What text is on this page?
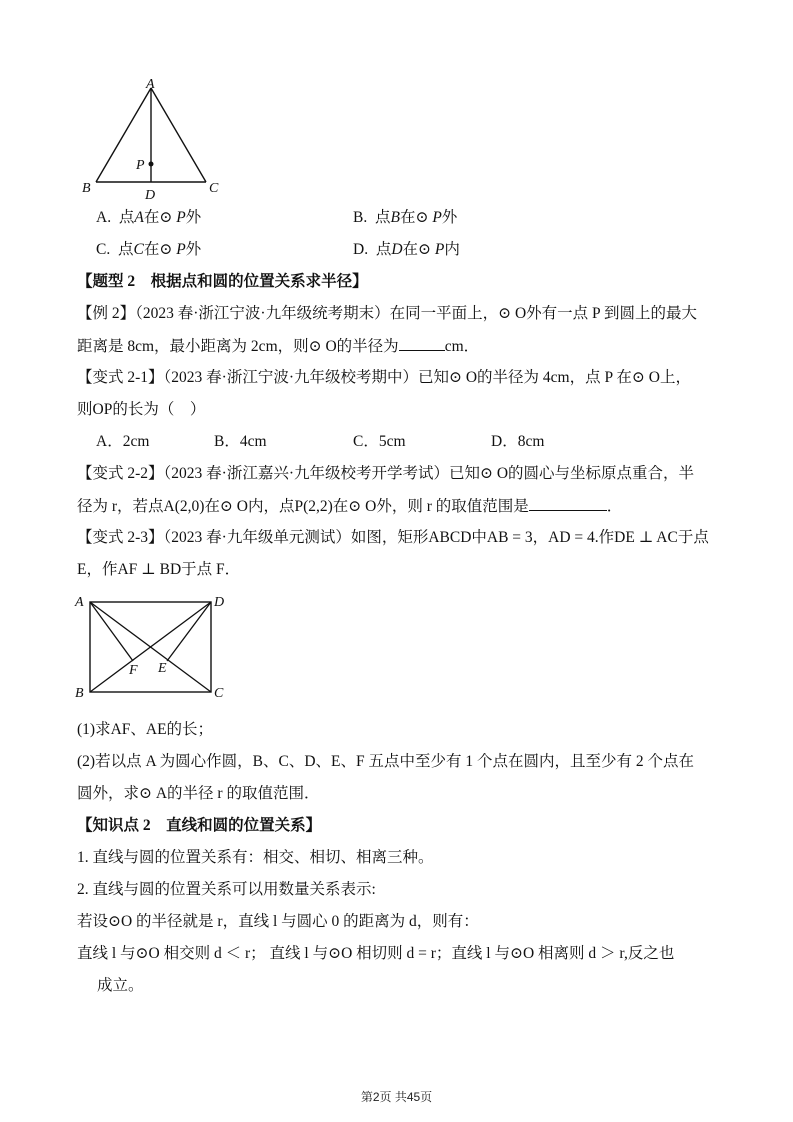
A
B	C
D
P
A. 点A在⊙ P外	B. 点B在⊙ P外
C. 点C在⊙ P外	D. 点D在⊙ P内
【题型 2　根据点和圆的位置关系求半径】
【例 2】（2023 春·浙江宁波·九年级统考期末）在同一平面上，⊙ O外有一点 P 到圆上的最大
距离是 8cm，最小距离为 2cm，则⊙ O的半径为	cm．
【变式 2-1】（2023 春·浙江宁波·九年级校考期中）已知⊙ O的半径为 4cm，点 P 在⊙ O上，
则OP的长为（　）
A．2cm	B．4cm	C．5cm	D．8cm
【变式 2-2】（2023 春·浙江嘉兴·九年级校考开学考试）已知⊙ O的圆心与坐标原点重合，半
径为 r，若点A(2,0)在⊙ O内，点P(2,2)在⊙ O外，则 r 的取值范围是	．
【变式 2-3】（2023 春·九年级单元测试）如图，矩形ABCD中AB = 3，AD = 4.作DE ⊥ AC于点
E，作AF ⊥ BD于点 F．
A	D
B	C
F E
(1)求AF、AE的长；
(2)若以点 A 为圆心作圆，B、C、D、E、F 五点中至少有 1 个点在圆内，且至少有 2 个点在
圆外，求⊙ A的半径 r 的取值范围．
【知识点 2　直线和圆的位置关系】
1. 直线与圆的位置关系有：相交、相切、相离三种。
2. 直线与圆的位置关系可以用数量关系表示:
若设⊙O 的半径就是 r，直线 l 与圆心 0 的距离为 d，则有：
直线 l 与⊙O 相交则 d ＜ r； 直线 l 与⊙O 相切则 d = r；直线 l 与⊙O 相离则 d ＞ r,反之也
成立。
第2页 共45页
